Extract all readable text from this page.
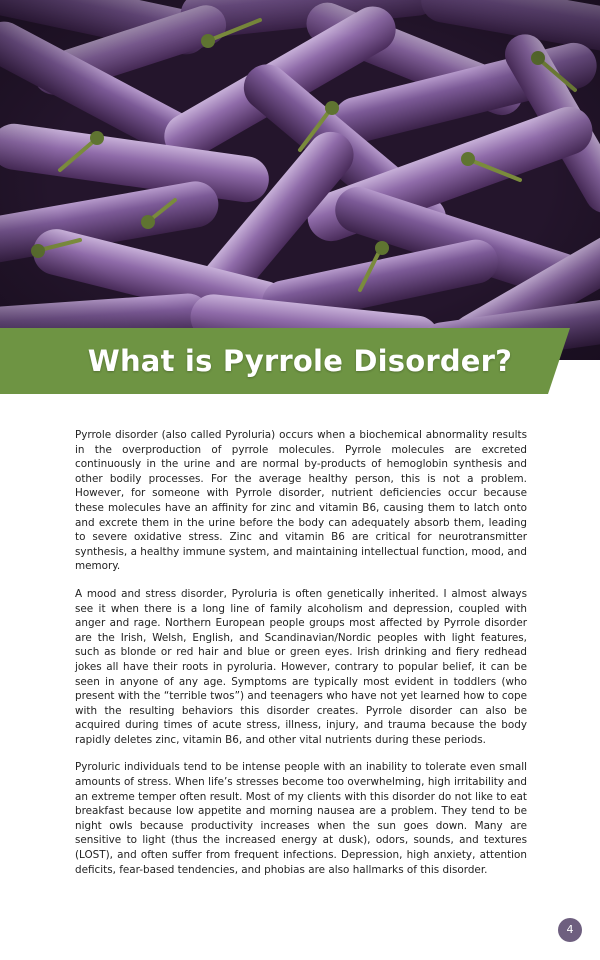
What is Pyrrole Disorder?

Pyrrole disorder (also called Pyroluria) occurs when a biochemical abnormality results in the overproduction of pyrrole molecules. Pyrrole molecules are excreted continuously in the urine and are normal by-products of hemoglobin synthesis and other bodily processes. For the average healthy person, this is not a problem. However, for someone with Pyrrole disorder, nutrient deficiencies occur because these molecules have an affinity for zinc and vitamin B6, causing them to latch onto and excrete them in the urine before the body can adequately absorb them, leading to severe oxidative stress. Zinc and vitamin B6 are critical for neurotransmitter synthesis, a healthy immune system, and maintaining intellectual function, mood, and memory.

A mood and stress disorder, Pyroluria is often genetically inherited. I almost always see it when there is a long line of family alcoholism and depression, coupled with anger and rage. Northern European people groups most affected by Pyrrole disorder are the Irish, Welsh, English, and Scandinavian/Nordic peoples with light features, such as blonde or red hair and blue or green eyes. Irish drinking and fiery redhead jokes all have their roots in pyroluria. However, contrary to popular belief, it can be seen in anyone of any age. Symptoms are typically most evident in toddlers (who present with the “terrible twos”) and teenagers who have not yet learned how to cope with the resulting behaviors this disorder creates. Pyrrole disorder can also be acquired during times of acute stress, illness, injury, and trauma because the body rapidly deletes zinc, vitamin B6, and other vital nutrients during these periods.

Pyroluric individuals tend to be intense people with an inability to tolerate even small amounts of stress. When life’s stresses become too overwhelming, high irritability and an extreme temper often result. Most of my clients with this disorder do not like to eat breakfast because low appetite and morning nausea are a problem. They tend to be night owls because productivity increases when the sun goes down. Many are sensitive to light (thus the increased energy at dusk), odors, sounds, and textures (LOST), and often suffer from frequent infections. Depression, high anxiety, attention deficits, fear-based tendencies, and phobias are also hallmarks of this disorder.

4
